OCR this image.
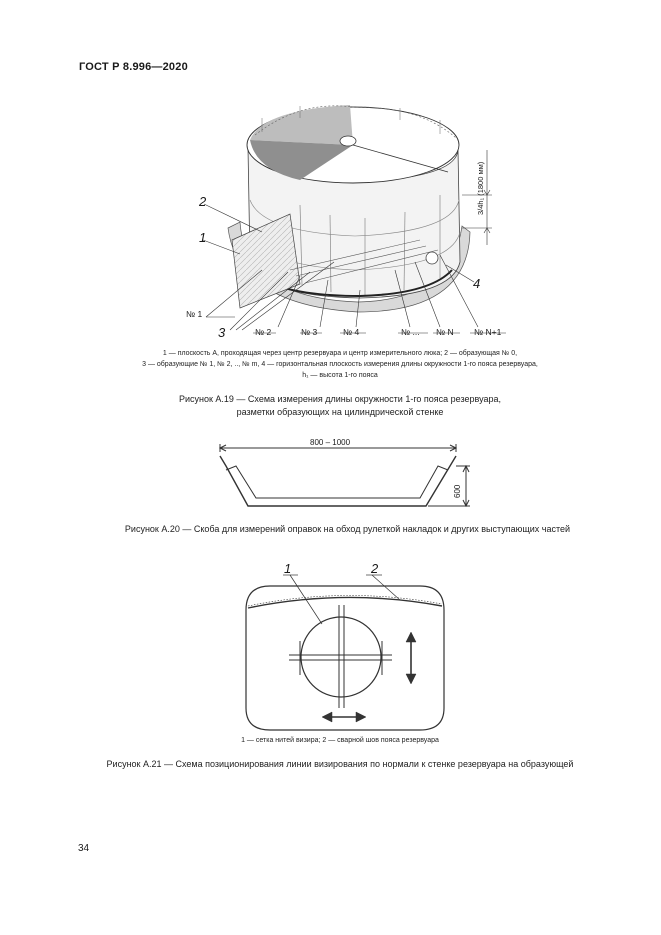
ГОСТ Р 8.996—2020
2
1
3
4
3/4h₁ (1800 мм)
№ 1
№ 2	№ 3	№ 4	№ ... № N № N+1
1 — плоскость А, проходящая через центр резервуара и центр измерительного люка; 2 — образующая № 0,
3 — образующие № 1, № 2, .., № m, 4 — горизонтальная плоскость измерения длины окружности 1-го пояса резервуара,
h₁ — высота 1-го пояса
Рисунок А.19 — Схема измерения длины окружности 1-го пояса резервуара,
разметки образующих на цилиндрической стенке
800 – 1000
600
Рисунок А.20 — Скоба для измерений оправок на обход рулеткой накладок и других выступающих частей
1	2
1 — сетка нитей визира; 2 — сварной шов пояса резервуара
Рисунок А.21 — Схема позиционирования линии визирования по нормали к стенке резервуара на образующей
34
